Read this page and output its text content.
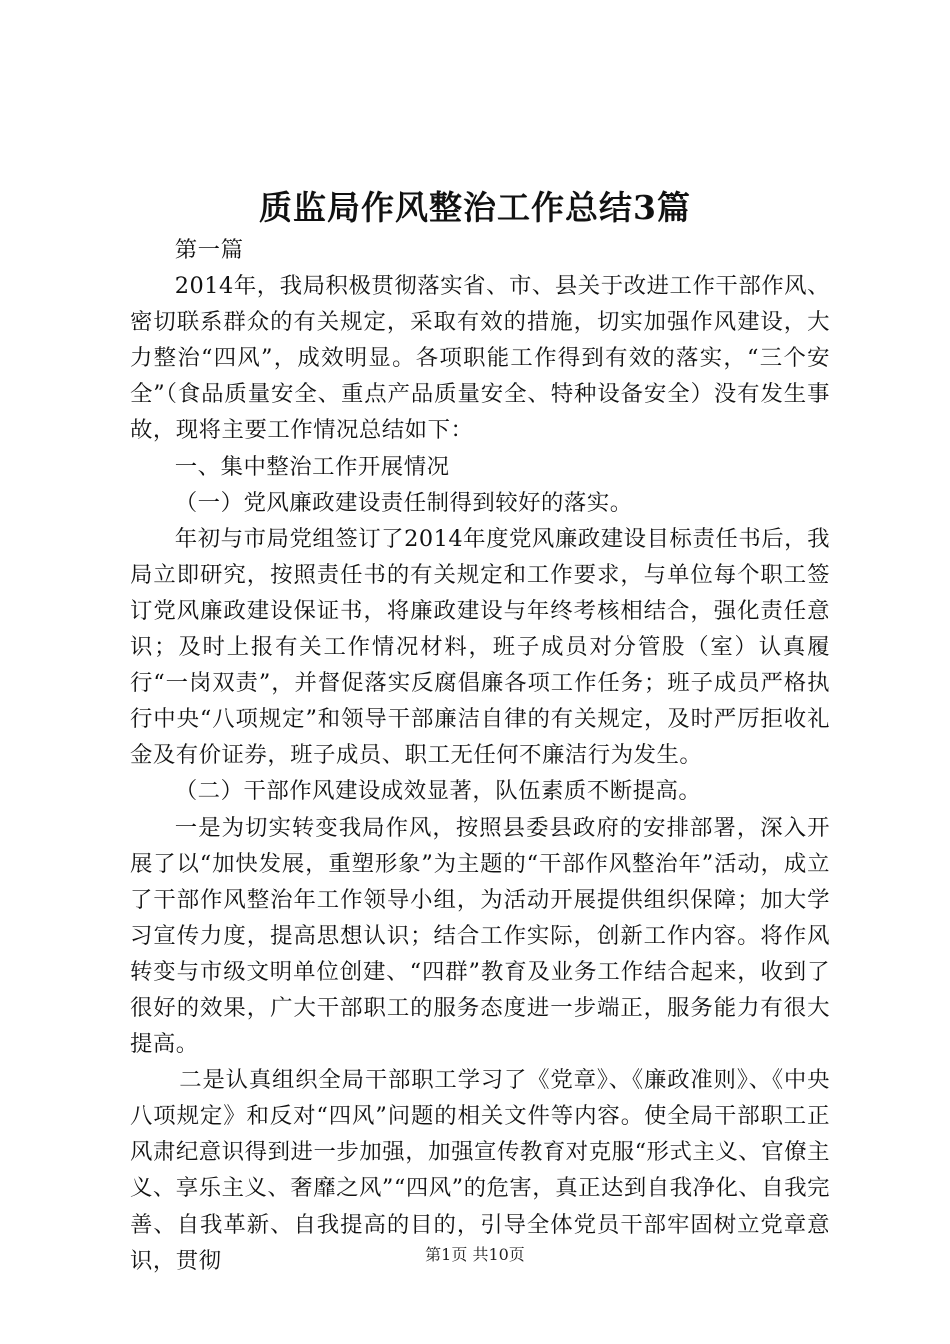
质监局作风整治工作总结3篇

第一篇

2014年，我局积极贯彻落实省、市、县关于改进工作干部作风、密切联系群众的有关规定，采取有效的措施，切实加强作风建设，大力整治“四风”，成效明显。各项职能工作得到有效的落实，“三个安全”（食品质量安全、重点产品质量安全、特种设备安全）没有发生事故，现将主要工作情况总结如下：

一、集中整治工作开展情况

（一）党风廉政建设责任制得到较好的落实。

年初与市局党组签订了2014年度党风廉政建设目标责任书后，我局立即研究，按照责任书的有关规定和工作要求，与单位每个职工签订党风廉政建设保证书，将廉政建设与年终考核相结合，强化责任意识；及时上报有关工作情况材料，班子成员对分管股（室）认真履行“一岗双责”，并督促落实反腐倡廉各项工作任务；班子成员严格执行中央“八项规定”和领导干部廉洁自律的有关规定，及时严厉拒收礼金及有价证券，班子成员、职工无任何不廉洁行为发生。

（二）干部作风建设成效显著，队伍素质不断提高。

一是为切实转变我局作风，按照县委县政府的安排部署，深入开展了以“加快发展，重塑形象”为主题的“干部作风整治年”活动，成立了干部作风整治年工作领导小组，为活动开展提供组织保障；加大学习宣传力度，提高思想认识；结合工作实际，创新工作内容。将作风转变与市级文明单位创建、“四群”教育及业务工作结合起来，收到了很好的效果，广大干部职工的服务态度进一步端正，服务能力有很大提高。

二是认真组织全局干部职工学习了《党章》、《廉政准则》、《中央八项规定》和反对“四风”问题的相关文件等内容。使全局干部职工正风肃纪意识得到进一步加强，加强宣传教育对克服“形式主义、官僚主义、享乐主义、奢靡之风”“四风”的危害，真正达到自我净化、自我完善、自我革新、自我提高的目的，引导全体党员干部牢固树立党章意识，贯彻	第1页 共10页
